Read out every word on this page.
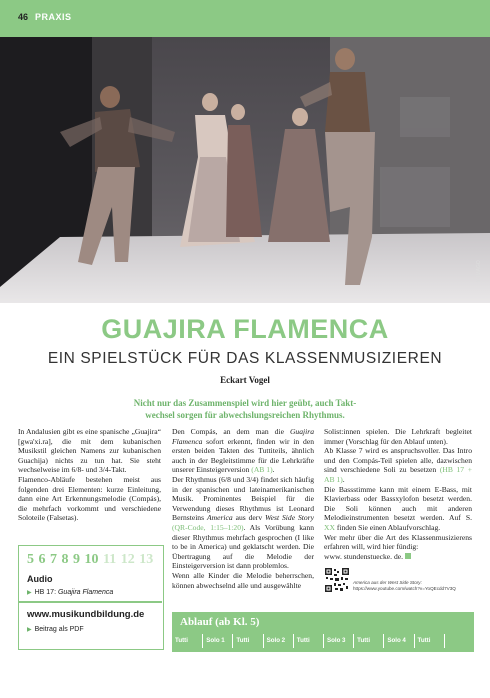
46 PRAXIS
© IMAGO
GUAJIRA FLAMENCA
EIN SPIELSTÜCK FÜR DAS KLASSENMUSIZIEREN
Eckart Vogel
Nicht nur das Zusammenspiel wird hier geübt, auch Takt-
wechsel sorgen für abwechslungsreichen Rhythmus.

In Andalusien gibt es eine spanische „Guajira“ [gwa'xi.ra], die mit dem kubanischen Musikstil gleichen Namens zur kubanischen Guachija) nichts zu tun hat. Sie steht wechselweise im 6/8- und 3/4-Takt.

Flamenco-Abläufe bestehen meist aus folgenden drei Elementen: kurze Einleitung, dann eine Art Erkennungsmelodie (Compás), die mehrfach vorkommt und verschiedene Soloteile (Falsetas).

Den Compás, an dem man die Guajira Flamenca sofort erkennt, finden wir in den ersten beiden Takten des Tuttiteils, ähnlich auch in der Begleitstimme für die Lehrkräfte unserer Einsteigerversion (AB 1).

Der Rhythmus (6/8 und 3/4) findet sich häufig in der spanischen und lateinamerikanischen Musik. Prominentes Beispiel für die Verwendung dieses Rhythmus ist Leonard Bernsteins America aus derv West Side Story (QR-Code, 1:15–1:20). Als Vorübung kann dieser Rhythmus mehrfach gesprochen (I like to be in America) und geklatscht werden. Die Übertragung auf die Melodie der Einsteigerversion ist dann problemlos.

Wenn alle Kinder die Melodie beherrschen, können abwechselnd alle und ausgewählte

Solist:innen spielen. Die Lehrkraft begleitet immer (Vorschlag für den Ablauf unten).

Ab Klasse 7 wird es anspruchsvoller. Das Intro und den Compás-Teil spielen alle, dazwischen sind verschiedene Soli zu besetzen (HB 17 + AB 1).

Die Bassstimme kann mit einem E-Bass, mit Klavierbass oder Bassxylofon besetzt werden. Die Soli können auch mit anderen Melodieinstrumenten besetzt werden. Auf S. XX finden Sie einen Ablaufvorschlag.

Wer mehr über die Art des Klassenmusizierens erfahren will, wird hier fündig:

www. stundenstuecke. de.

5 6 7 8 9 10 11 12 13
Audio
▶ HB 17: Guajira Flamenca
www.musikundbildung.de
▶ Beitrag als PDF
America aus der West Side Story:
https://www.youtube.com/watch?v=YoQEcdd7V3Q
Ablauf (ab Kl. 5)
Tutti	Solo 1	Tutti	Solo 2	Tutti	Solo 3	Tutti	Solo 4	Tutti
